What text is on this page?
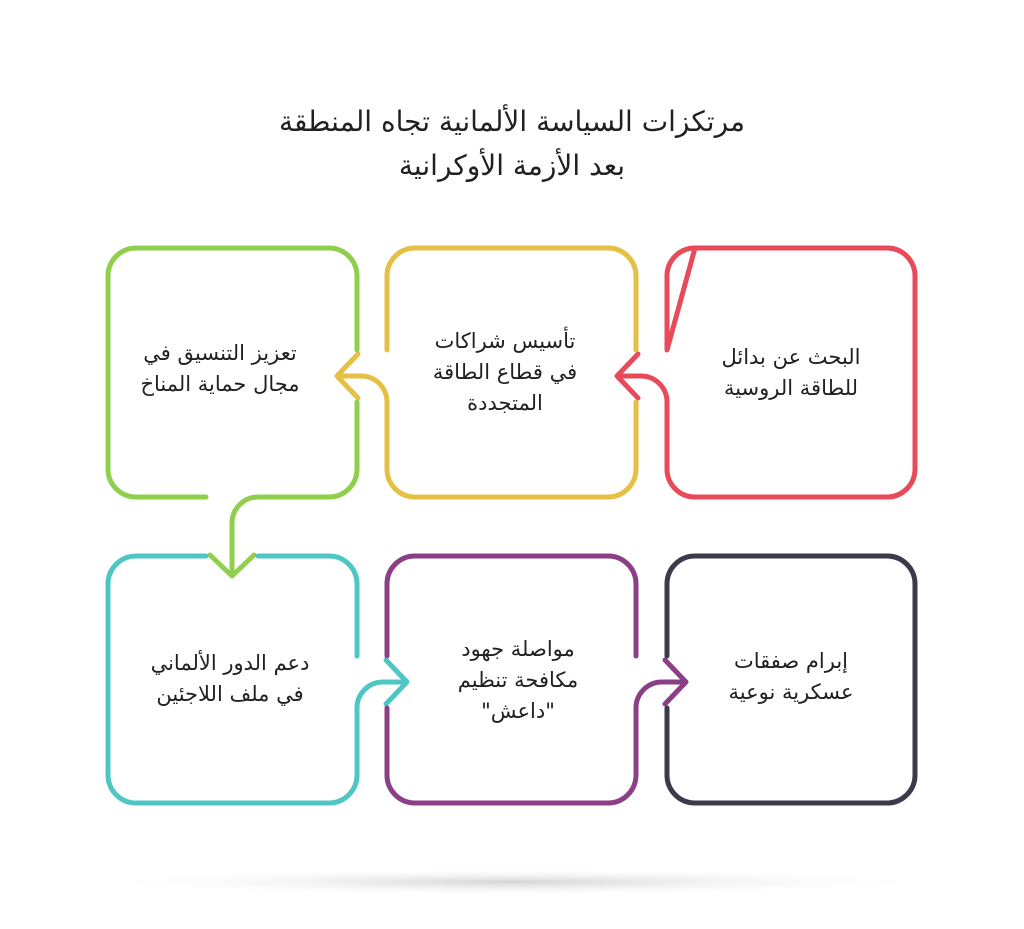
مرتكزات السياسة الألمانية تجاه المنطقة
بعد الأزمة الأوكرانية
البحث عن بدائل
للطاقة الروسية
تأسيس شراكات
في قطاع الطاقة
المتجددة
تعزيز التنسيق في
مجال حماية المناخ
دعم الدور الألماني
في ملف اللاجئين
مواصلة جهود
مكافحة تنظيم
"داعش"
إبرام صفقات
عسكرية نوعية
